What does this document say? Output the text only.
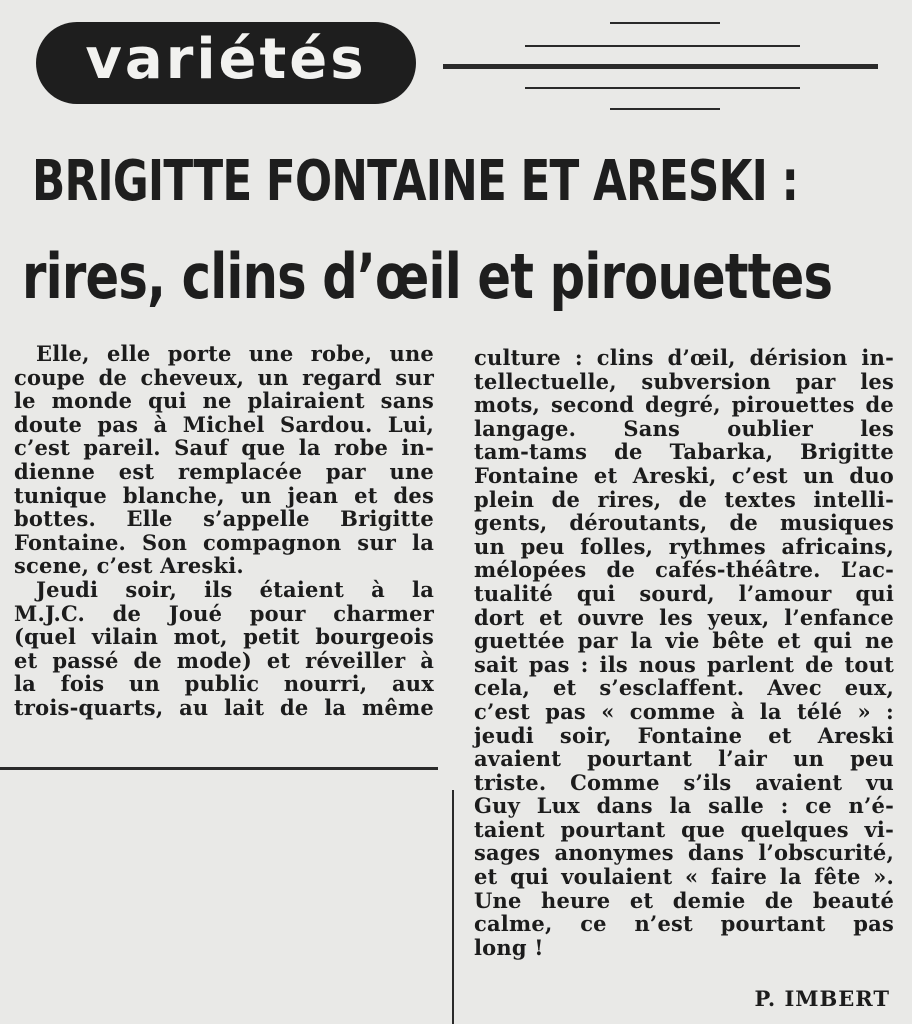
variétés
BRIGITTE FONTAINE ET ARESKI :
rires, clins d’œil et pirouettes
Elle, elle porte une robe, une
coupe de cheveux, un regard sur
le monde qui ne plairaient sans
doute pas à Michel Sardou. Lui,
c’est pareil. Sauf que la robe in-
dienne est remplacée par une
tunique blanche, un jean et des
bottes. Elle s’appelle Brigitte
Fontaine. Son compagnon sur la
scene, c’est Areski.
Jeudi soir, ils étaient à la
M.J.C. de Joué pour charmer
(quel vilain mot, petit bourgeois
et passé de mode) et réveiller à
la fois un public nourri, aux
trois-quarts, au lait de la même
culture : clins d’œil, dérision in-
tellectuelle, subversion par les
mots, second degré, pirouettes de
langage. Sans oublier les
tam-tams de Tabarka, Brigitte
Fontaine et Areski, c’est un duo
plein de rires, de textes intelli-
gents, déroutants, de musiques
un peu folles, rythmes africains,
mélopées de cafés-théâtre. L’ac-
tualité qui sourd, l’amour qui
dort et ouvre les yeux, l’enfance
guettée par la vie bête et qui ne
sait pas : ils nous parlent de tout
cela, et s’esclaffent. Avec eux,
c’est pas « comme à la télé » :
jeudi soir, Fontaine et Areski
avaient pourtant l’air un peu
triste. Comme s’ils avaient vu
Guy Lux dans la salle : ce n’é-
taient pourtant que quelques vi-
sages anonymes dans l’obscurité,
et qui voulaient « faire la fête ».
Une heure et demie de beauté
calme, ce n’est pourtant pas
long !
P. IMBERT
